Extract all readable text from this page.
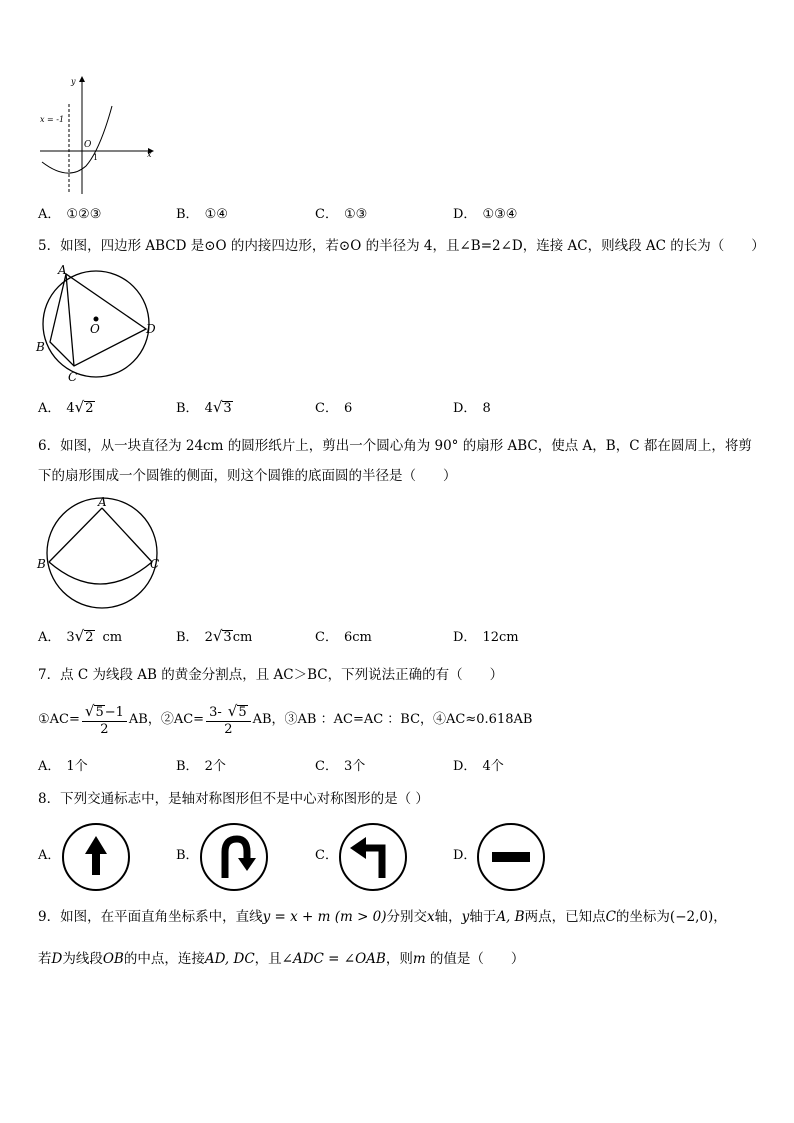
y
x
x = -1
O
1
A． ①②③	B． ①④	C． ①③	D． ①③④
5．如图，四边形 ABCD 是⊙O 的内接四边形，若⊙O 的半径为 4，且∠B=2∠D，连接 AC，则线段 AC 的长为（　　）
A
B
C
D
O
A． 4√2	B． 4√3	C． 6	D． 8
6．如图，从一块直径为 24cm 的圆形纸片上，剪出一个圆心角为 90° 的扇形 ABC，使点 A，B，C 都在圆周上，将剪
下的扇形围成一个圆锥的侧面，则这个圆锥的底面圆的半径是（　　）
A
B	C
A． 3√2 cm	B． 2√3cm	C． 6cm	D． 12cm
7．点 C 为线段 AB 的黄金分割点，且 AC＞BC，下列说法正确的有（　　）
①AC= $\frac{√5-1}{2}$ AB，②AC= $\frac{3- √5}{2}$ AB，③AB ：AC=AC ：BC，④AC≈0.618AB
A． 1个	B． 2个	C． 3个	D． 4个
8．下列交通标志中，是轴对称图形但不是中心对称图形的是（ ）
A．	B．	C．	D．
9．如图，在平面直角坐标系中，直线y = x + m (m > 0)分别交x轴，y轴于A, B两点，已知点C的坐标为(−2,0)，
若D为线段OB的中点，连接AD, DC，且∠ADC = ∠OAB，则m 的值是（　　）
